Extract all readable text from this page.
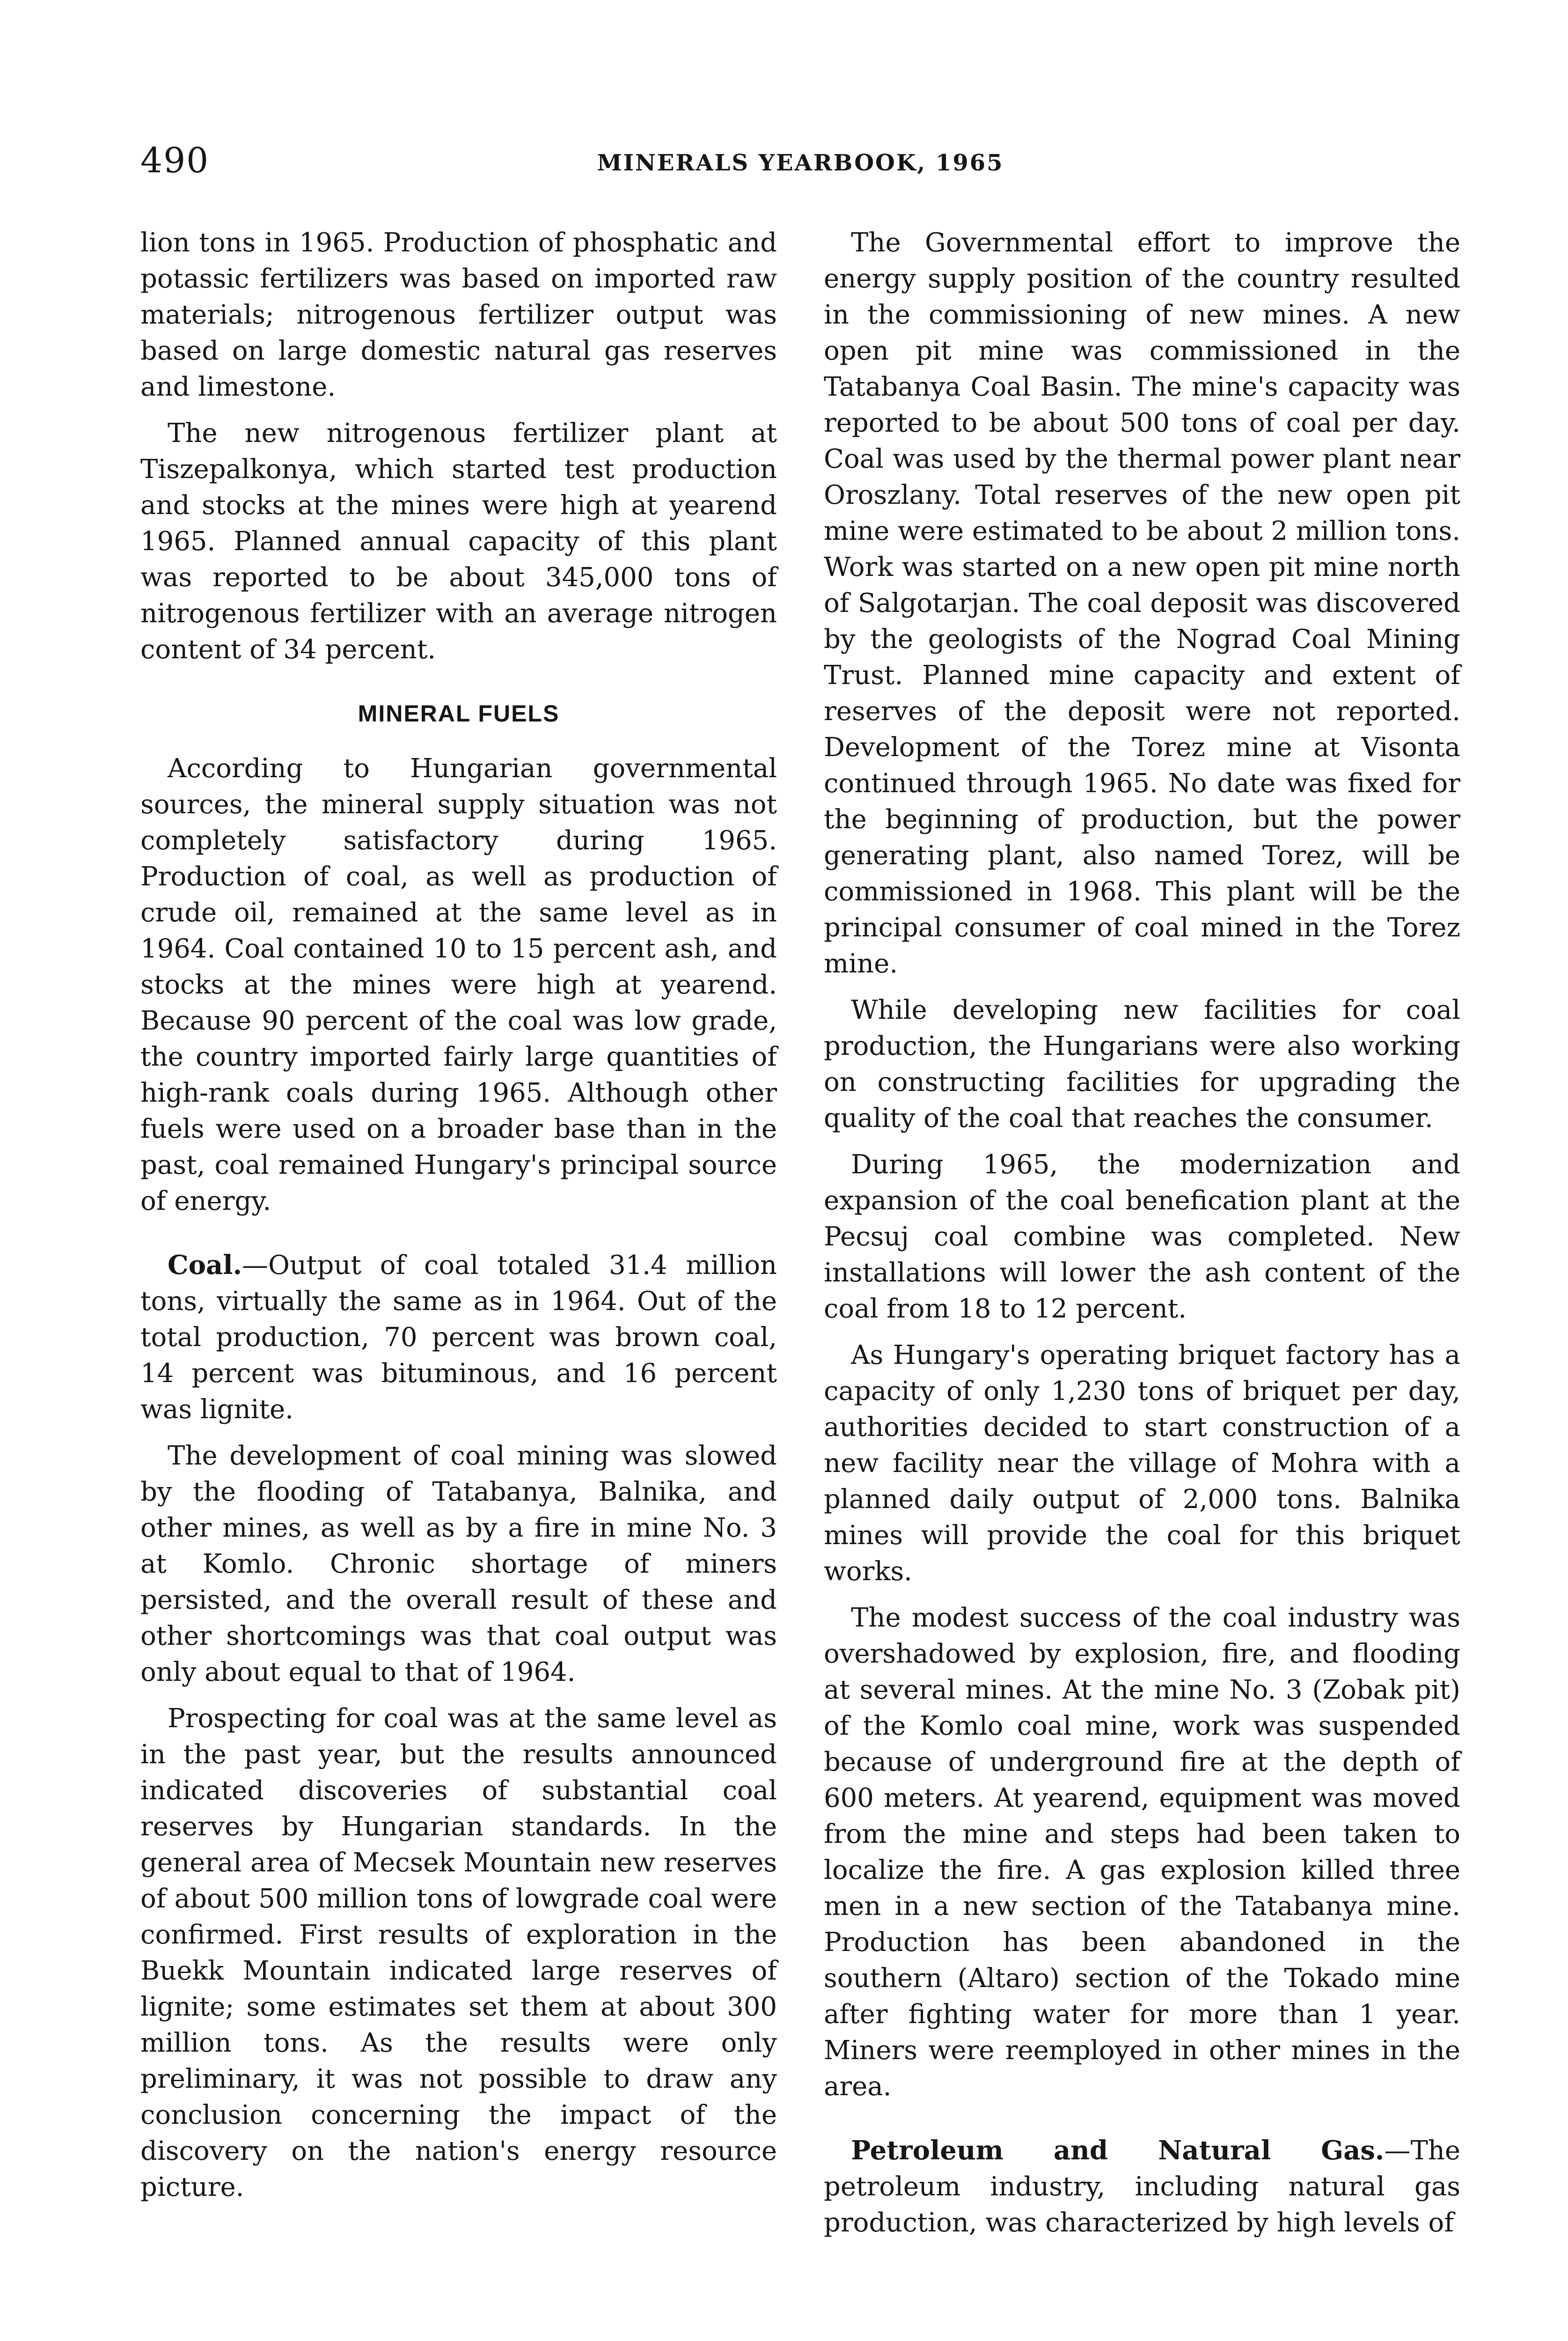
490	MINERALS YEARBOOK, 1965

lion tons in 1965. Production of phosphatic and potassic fertilizers was based on imported raw materials; nitrogenous fertilizer output was based on large domestic natural gas reserves and limestone.

The new nitrogenous fertilizer plant at Tiszepalkonya, which started test production and stocks at the mines were high at yearend 1965. Planned annual capacity of this plant was reported to be about 345,000 tons of nitrogenous fertilizer with an average nitrogen content of 34 percent.

MINERAL FUELS

According to Hungarian governmental sources, the mineral supply situation was not completely satisfactory during 1965. Production of coal, as well as production of crude oil, remained at the same level as in 1964. Coal contained 10 to 15 percent ash, and stocks at the mines were high at yearend. Because 90 percent of the coal was low grade, the country imported fairly large quantities of high-rank coals during 1965. Although other fuels were used on a broader base than in the past, coal remained Hungary's principal source of energy.

Coal.—Output of coal totaled 31.4 million tons, virtually the same as in 1964. Out of the total production, 70 percent was brown coal, 14 percent was bituminous, and 16 percent was lignite.

The development of coal mining was slowed by the flooding of Tatabanya, Balnika, and other mines, as well as by a fire in mine No. 3 at Komlo. Chronic shortage of miners persisted, and the overall result of these and other shortcomings was that coal output was only about equal to that of 1964.

Prospecting for coal was at the same level as in the past year, but the results announced indicated discoveries of substantial coal reserves by Hungarian standards. In the general area of Mecsek Mountain new reserves of about 500 million tons of lowgrade coal were confirmed. First results of exploration in the Buekk Mountain indicated large reserves of lignite; some estimates set them at about 300 million tons. As the results were only preliminary, it was not possible to draw any conclusion concerning the impact of the discovery on the nation's energy resource picture.

The Governmental effort to improve the energy supply position of the country resulted in the commissioning of new mines. A new open pit mine was commissioned in the Tatabanya Coal Basin. The mine's capacity was reported to be about 500 tons of coal per day. Coal was used by the thermal power plant near Oroszlany. Total reserves of the new open pit mine were estimated to be about 2 million tons. Work was started on a new open pit mine north of Salgotarjan. The coal deposit was discovered by the geologists of the Nograd Coal Mining Trust. Planned mine capacity and extent of reserves of the deposit were not reported. Development of the Torez mine at Visonta continued through 1965. No date was fixed for the beginning of production, but the power generating plant, also named Torez, will be commissioned in 1968. This plant will be the principal consumer of coal mined in the Torez mine.

While developing new facilities for coal production, the Hungarians were also working on constructing facilities for upgrading the quality of the coal that reaches the consumer.

During 1965, the modernization and expansion of the coal benefication plant at the Pecsuj coal combine was completed. New installations will lower the ash content of the coal from 18 to 12 percent.

As Hungary's operating briquet factory has a capacity of only 1,230 tons of briquet per day, authorities decided to start construction of a new facility near the village of Mohra with a planned daily output of 2,000 tons. Balnika mines will provide the coal for this briquet works.

The modest success of the coal industry was overshadowed by explosion, fire, and flooding at several mines. At the mine No. 3 (Zobak pit) of the Komlo coal mine, work was suspended because of underground fire at the depth of 600 meters. At yearend, equipment was moved from the mine and steps had been taken to localize the fire. A gas explosion killed three men in a new section of the Tatabanya mine. Production has been abandoned in the southern (Altaro) section of the Tokado mine after fighting water for more than 1 year. Miners were reemployed in other mines in the area.

Petroleum and Natural Gas.—The petroleum industry, including natural gas production, was characterized by high levels of
